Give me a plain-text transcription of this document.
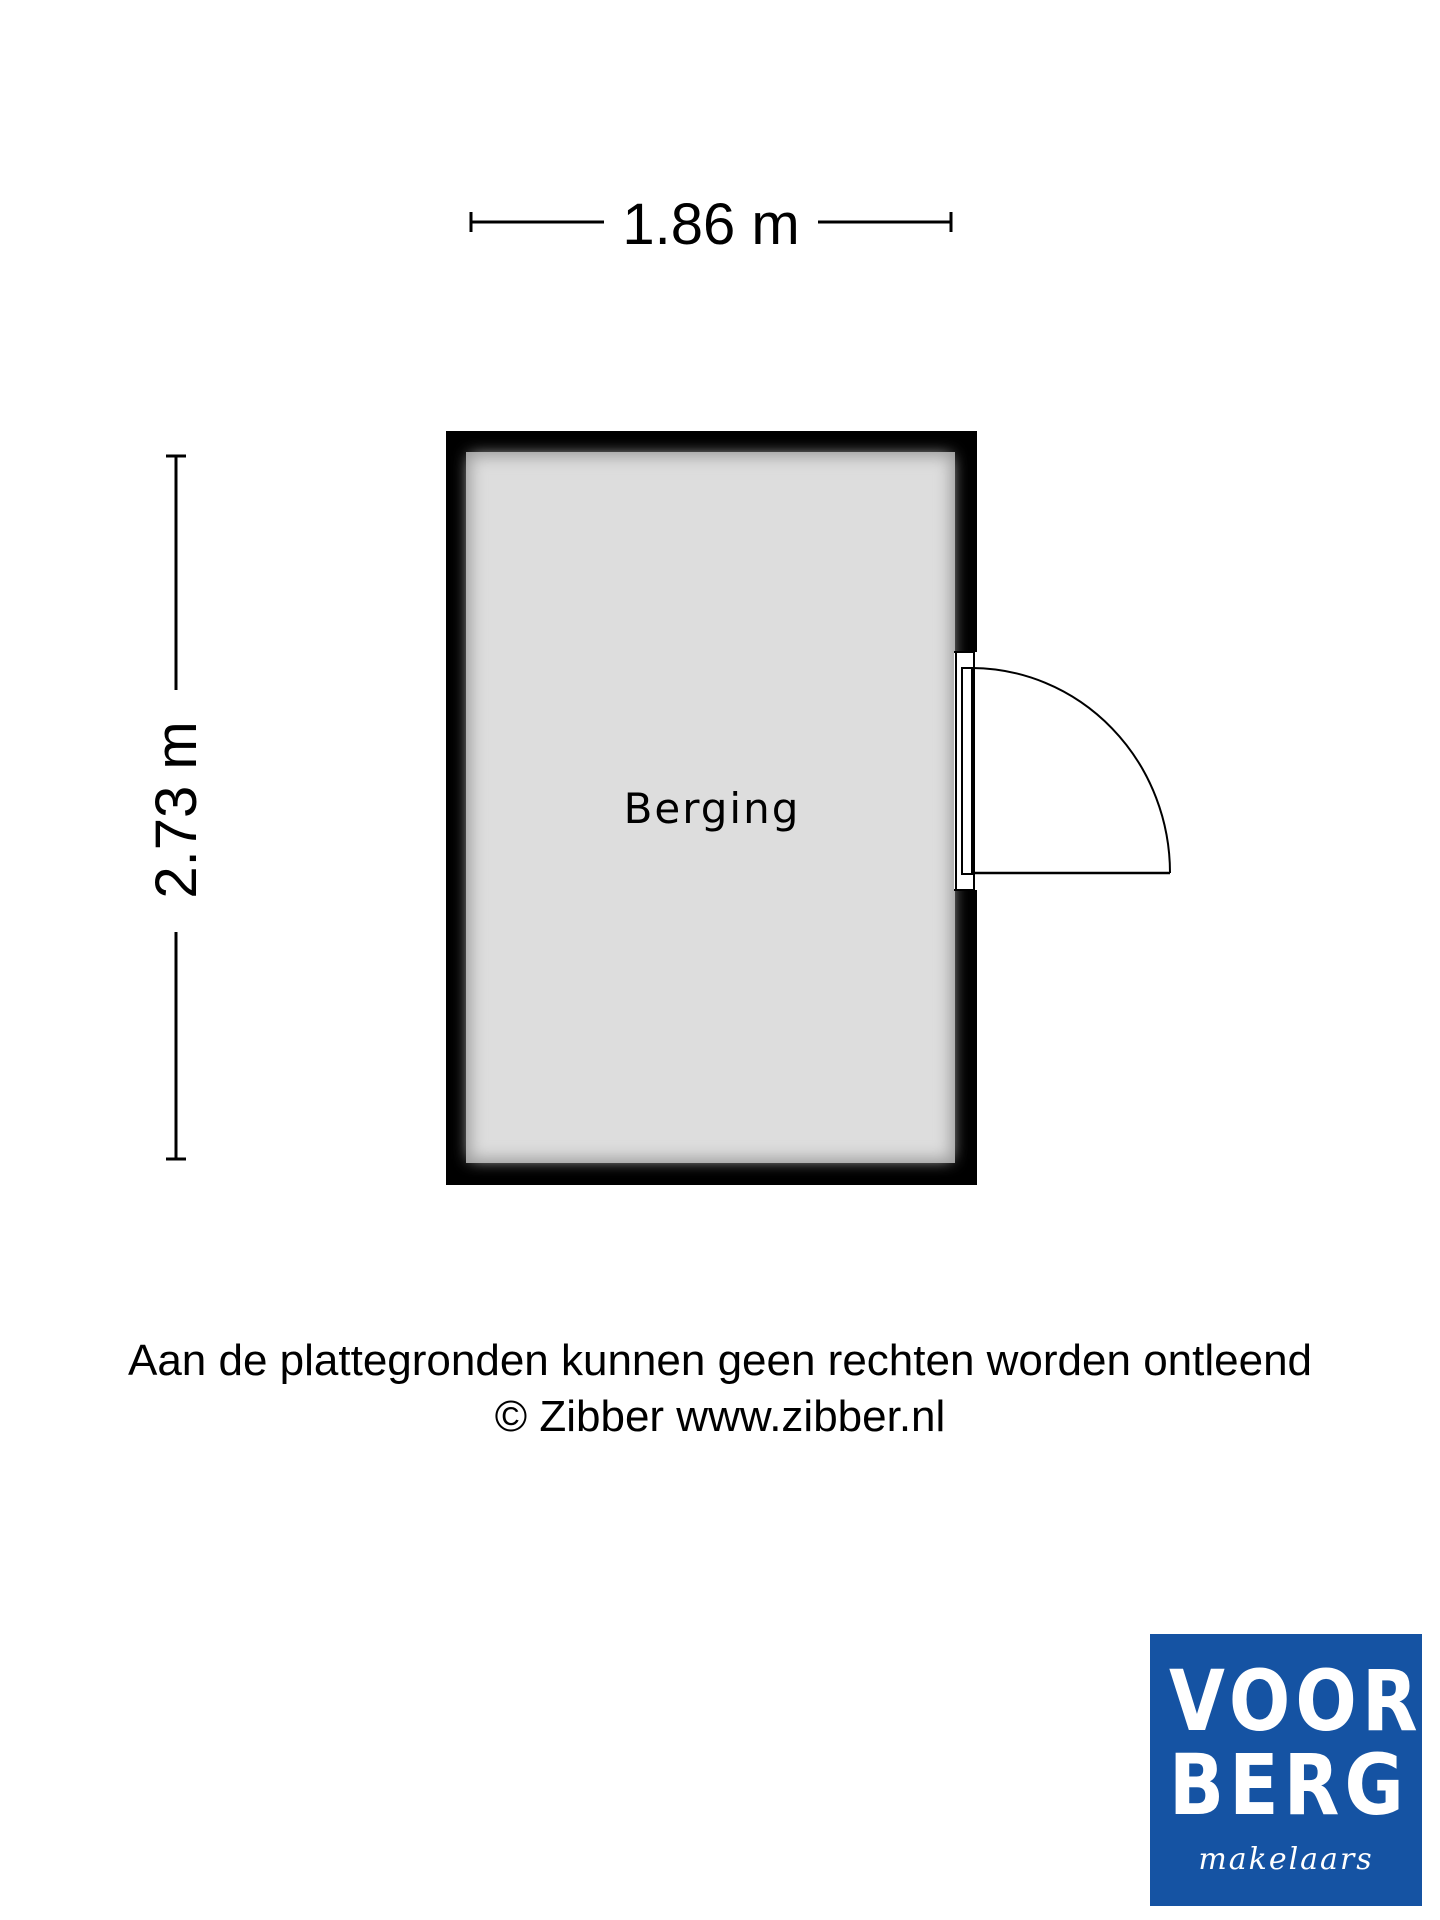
1.86 m
2.73 m	Berging
Aan de plattegronden kunnen geen rechten worden ontleend
© Zibber www.zibber.nl
VOOR
BERG
makelaars
